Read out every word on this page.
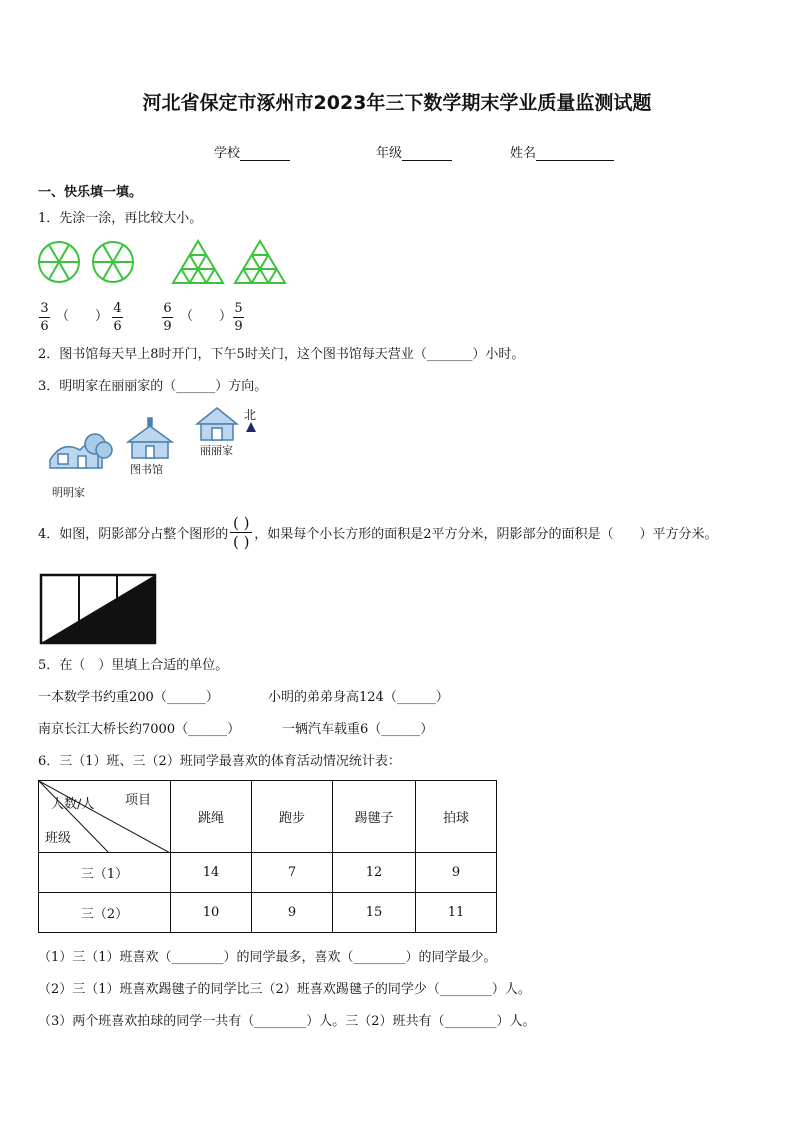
河北省保定市涿州市2023年三下数学期末学业质量监测试题
学校	年级	姓名
一、快乐填一填。
1．先涂一涂，再比较大小。
$\frac{3}{6}$ （　　） $\frac{4}{6}$	$\frac{6}{9}$ （　　） $\frac{5}{9}$
2．图书馆每天早上8时开门，下午5时关门，这个图书馆每天营业（_______）小时。
3．明明家在丽丽家的（______）方向。
北
图书馆
丽丽家
明明家
4．如图，阴影部分占整个图形的
( )
( ) ，如果每个小长方形的面积是2平方分米，阴影部分的面积是（　　）平方分米。
5．在（　）里填上合适的单位。
一本数学书约重200（______）	小明的弟弟身高124（______）
南京长江大桥长约7000（______）	一辆汽车载重6（______）
6．三（1）班、三（2）班同学最喜欢的体育活动情况统计表：
项目
人数/人
班级	跳绳	跑步	踢毽子	拍球
三（1）	14	7	12	9
三（2）	10	9	15	11
（1）三（1）班喜欢（________）的同学最多，喜欢（________）的同学最少。
（2）三（1）班喜欢踢毽子的同学比三（2）班喜欢踢毽子的同学少（________）人。
（3）两个班喜欢拍球的同学一共有（________）人。三（2）班共有（________）人。
